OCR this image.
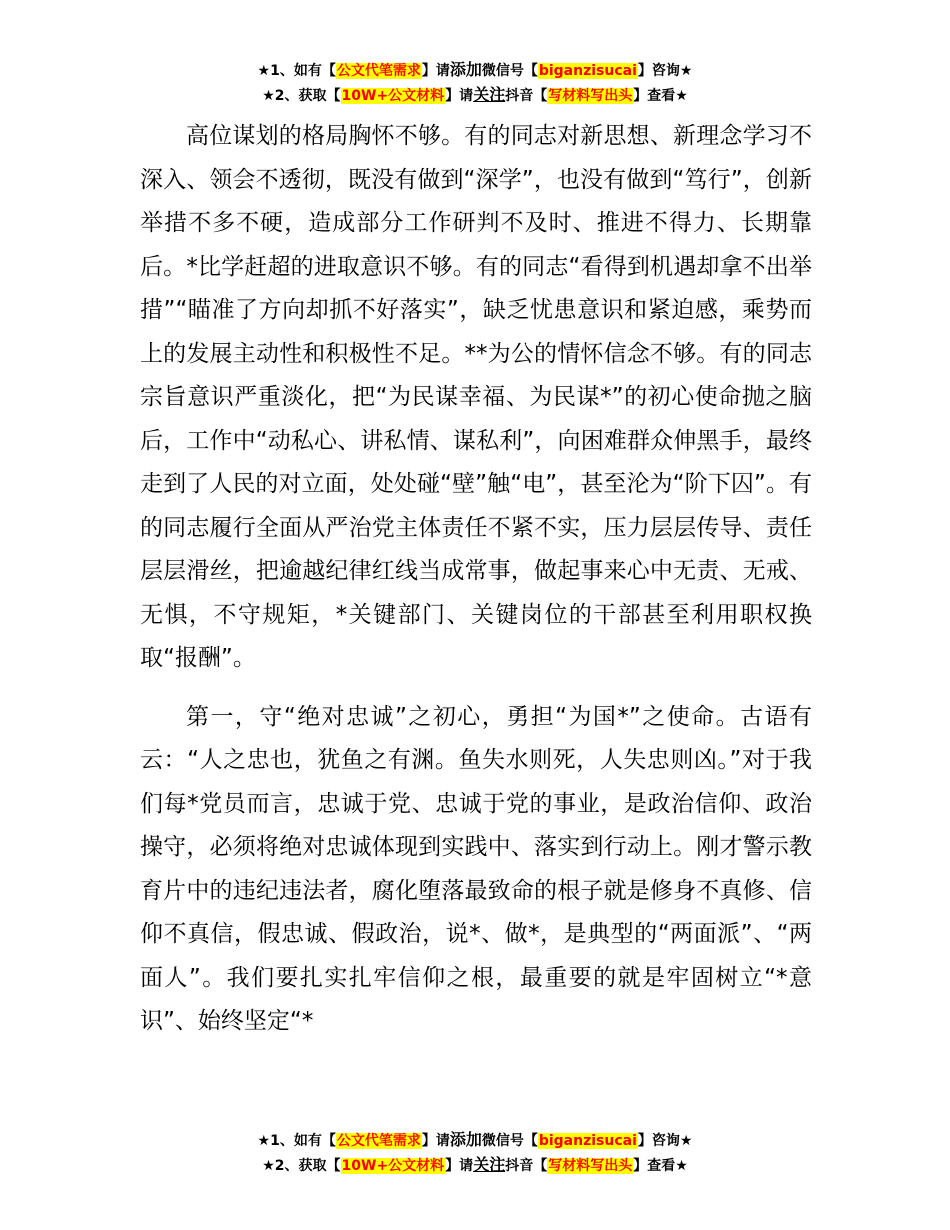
★1、如有【公文代笔需求】请添加微信号【biganzisucai】咨询★
★2、获取【10W+公文材料】请关注抖音【写材料写出头】查看★

高位谋划的格局胸怀不够。有的同志对新思想、新理念学习不深入、领会不透彻，既没有做到“深学”，也没有做到“笃行”，创新举措不多不硬，造成部分工作研判不及时、推进不得力、长期靠后。*比学赶超的进取意识不够。有的同志“看得到机遇却拿不出举措”“瞄准了方向却抓不好落实”，缺乏忧患意识和紧迫感，乘势而上的发展主动性和积极性不足。**为公的情怀信念不够。有的同志宗旨意识严重淡化，把“为民谋幸福、为民谋*”的初心使命抛之脑后，工作中“动私心、讲私情、谋私利”，向困难群众伸黑手，最终走到了人民的对立面，处处碰“壁”触“电”，甚至沦为“阶下囚”。有的同志履行全面从严治党主体责任不紧不实，压力层层传导、责任层层滑丝，把逾越纪律红线当成常事，做起事来心中无责、无戒、无惧，不守规矩，*关键部门、关键岗位的干部甚至利用职权换取“报酬”。

第一，守“绝对忠诚”之初心，勇担“为国*”之使命。古语有云：“人之忠也，犹鱼之有渊。鱼失水则死，人失忠则凶。”对于我们每*党员而言，忠诚于党、忠诚于党的事业，是政治信仰、政治操守，必须将绝对忠诚体现到实践中、落实到行动上。刚才警示教育片中的违纪违法者，腐化堕落最致命的根子就是修身不真修、信仰不真信，假忠诚、假政治，说*、做*，是典型的“两面派”、“两面人”。我们要扎实扎牢信仰之根，最重要的就是牢固树立“*意识”、始终坚定“*

★1、如有【公文代笔需求】请添加微信号【biganzisucai】咨询★
★2、获取【10W+公文材料】请关注抖音【写材料写出头】查看★
